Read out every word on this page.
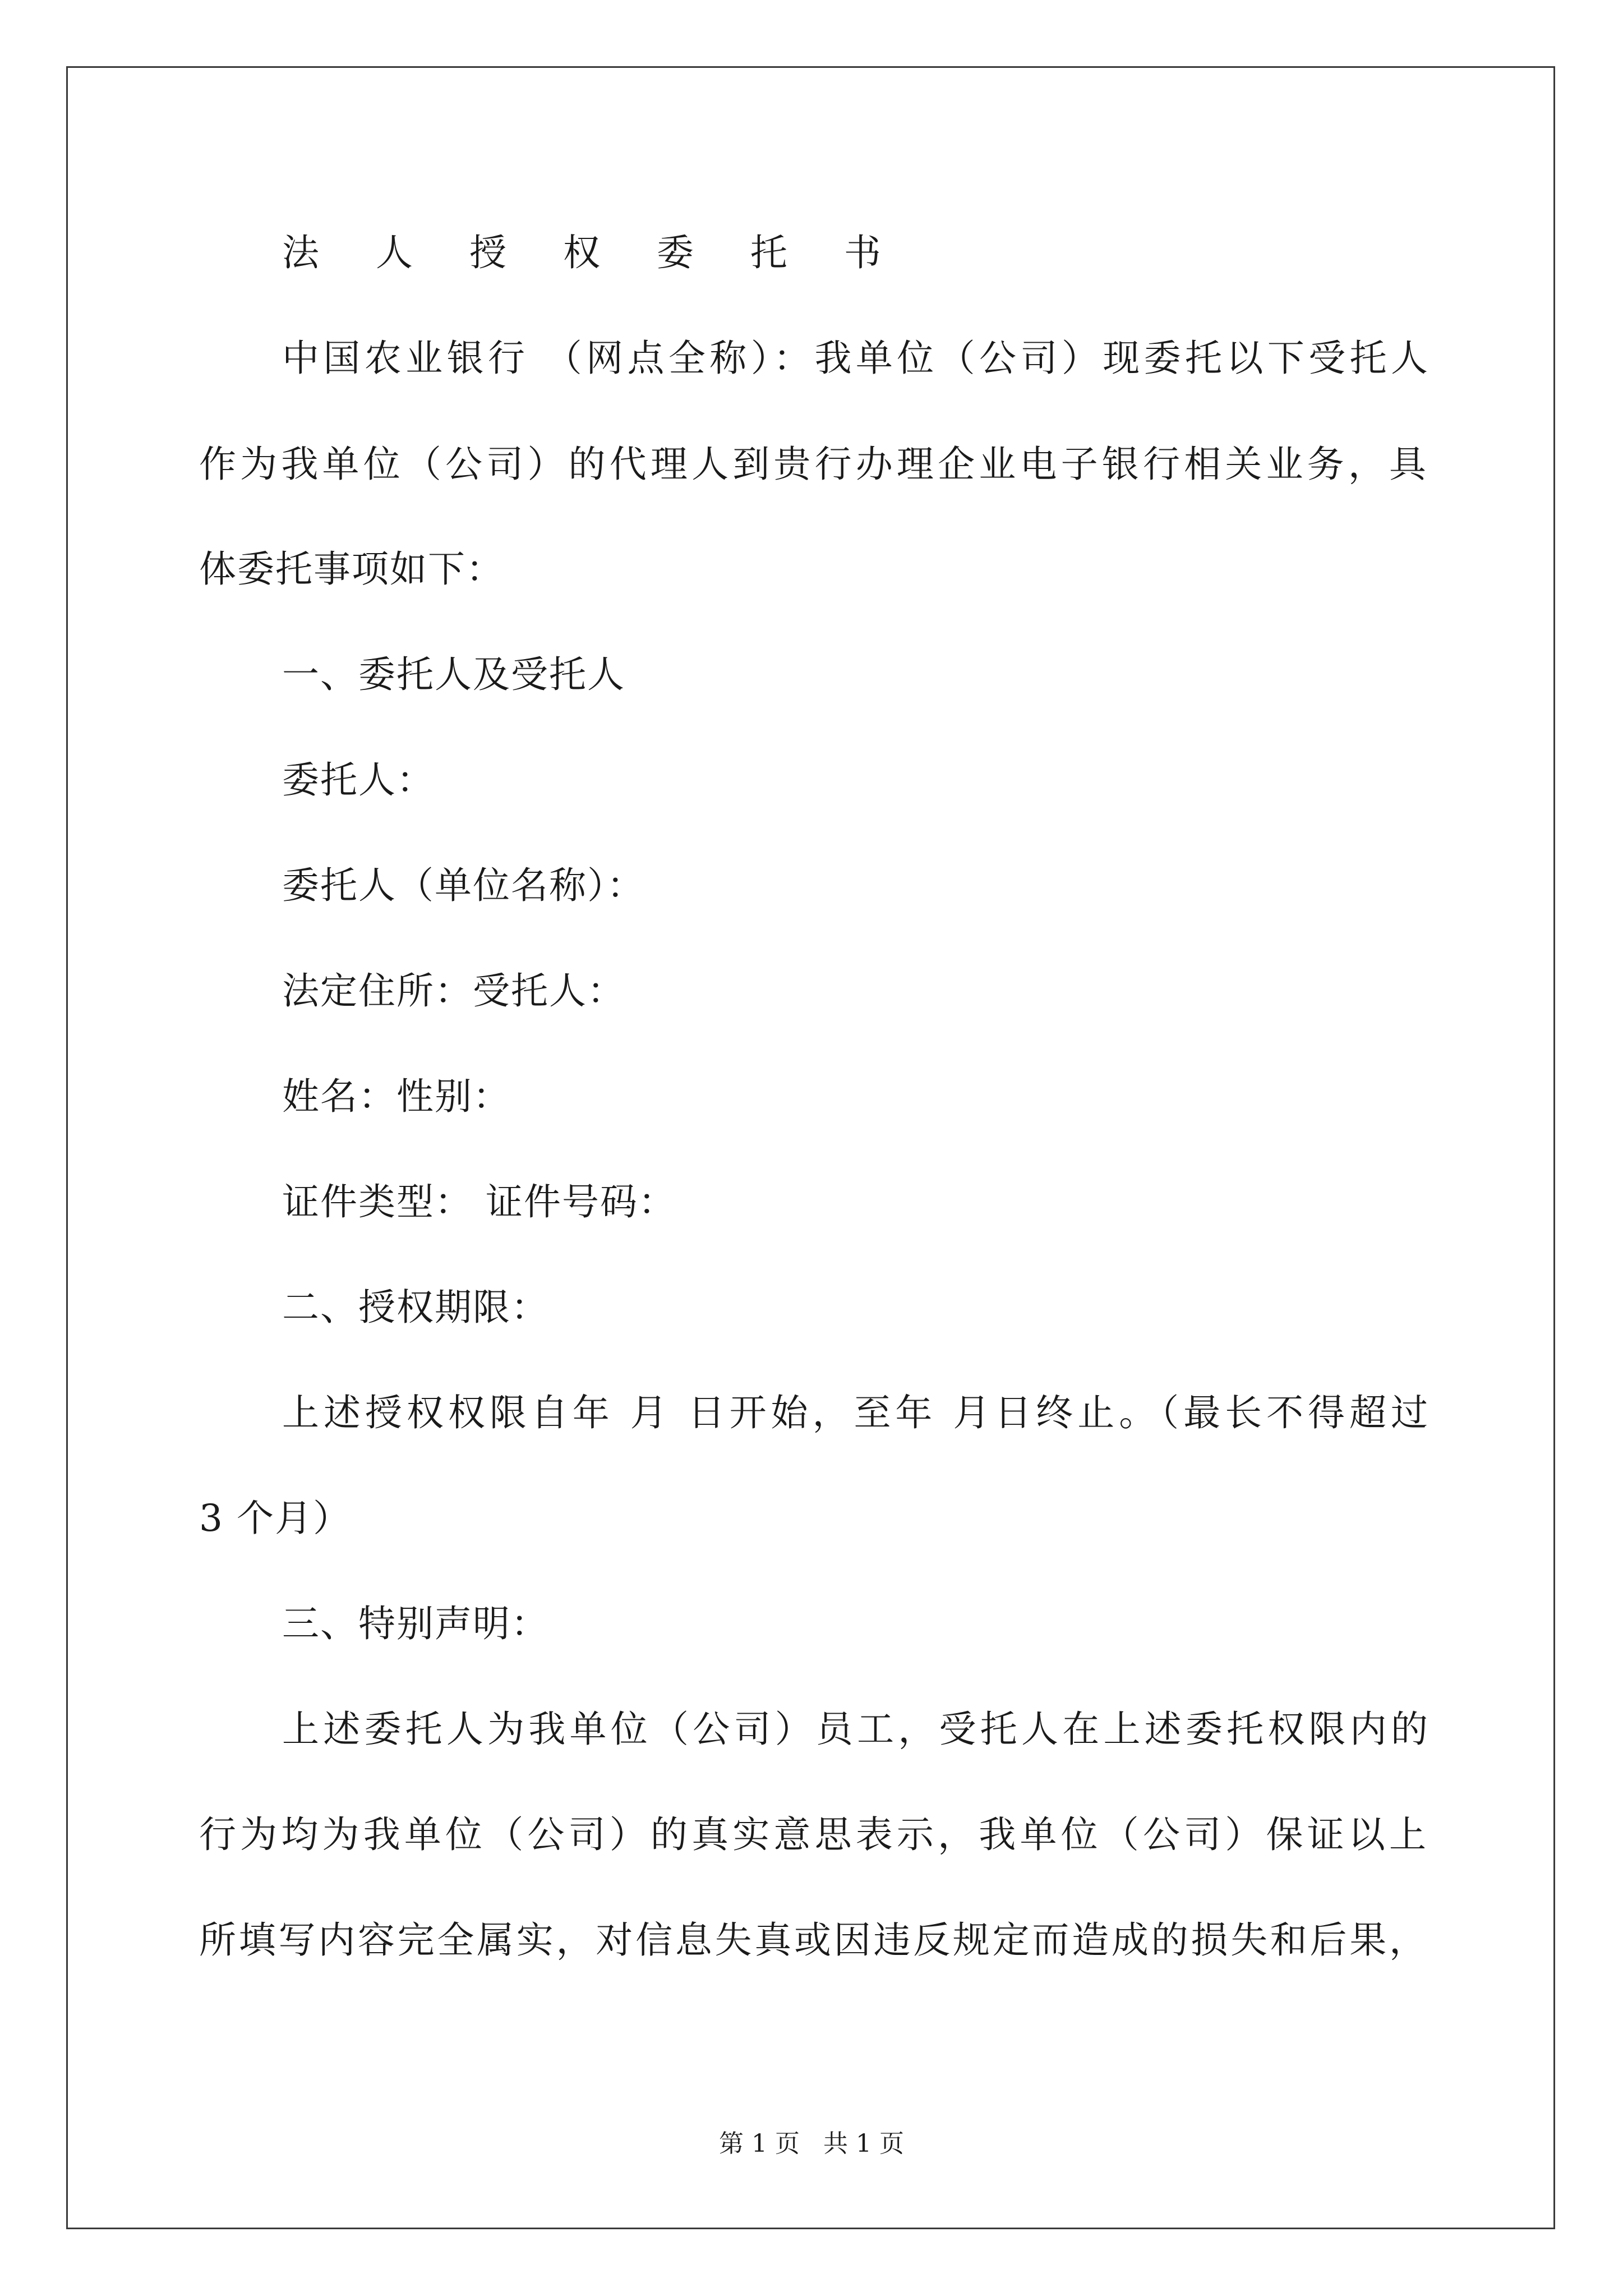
法 人 授 权 委 托 书

中国农业银行 （网点全称）：我单位（公司）现委托以下受托人

作为我单位（公司）的代理人到贵行办理企业电子银行相关业务，具

体委托事项如下：

一、委托人及受托人

委托人：

委托人（单位名称）：

法定住所：受托人：

姓名：性别：

证件类型： 证件号码：

二、授权期限：

上述授权权限自年 月 日开始，至年 月日终止。（最长不得超过

3 个月）

三、特别声明：

上述委托人为我单位（公司）员工，受托人在上述委托权限内的

行为均为我单位（公司）的真实意思表示，我单位（公司）保证以上

所填写内容完全属实，对信息失真或因违反规定而造成的损失和后果，

第 1 页   共 1 页
